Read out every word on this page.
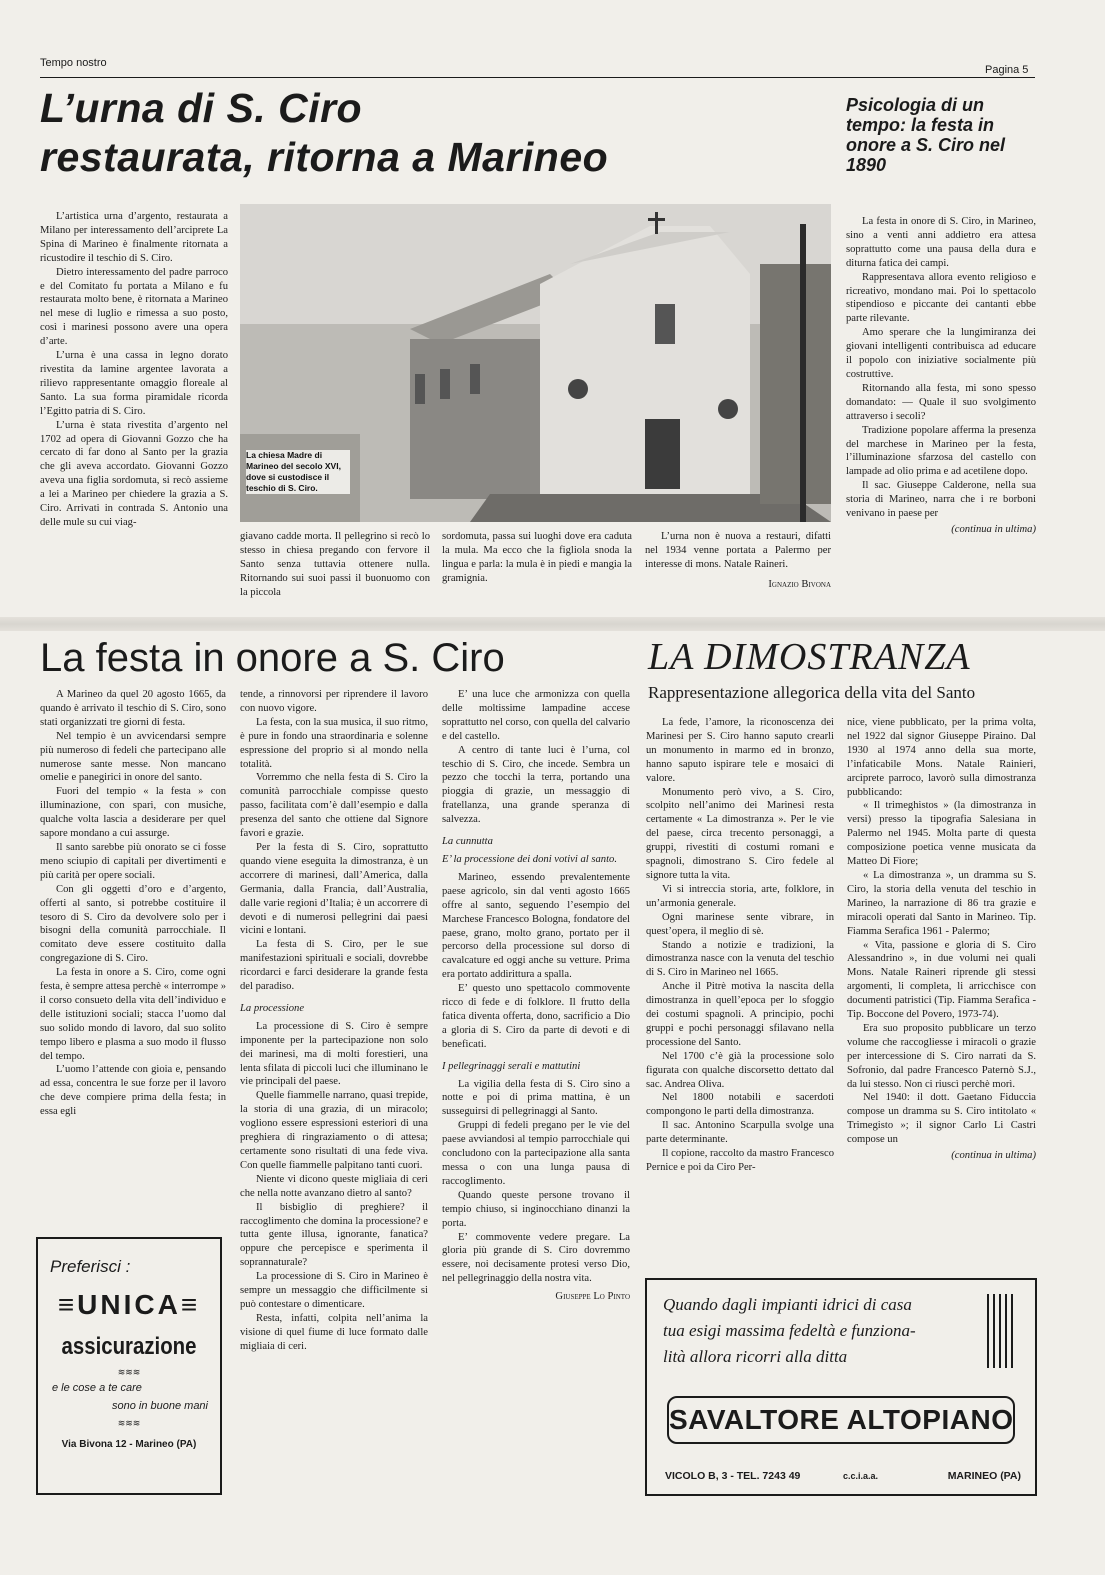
Tempo nostro
Pagina 5
L’urna di S. Ciro
restaurata, ritorna a Marineo

L’artistica urna d’argento, restaurata a Milano per interessamento dell’arciprete La Spina di Marineo è finalmente ritornata a ricustodire il teschio di S. Ciro.

Dietro interessamento del padre parroco e del Comitato fu portata a Milano e fu restaurata molto bene, è ritornata a Marineo nel mese di luglio e rimessa a suo posto, così i marinesi possono avere una opera d’arte.

L’urna è una cassa in legno dorato rivestita da lamine argentee lavorata a rilievo rappresentante omaggio floreale al Santo. La sua forma piramidale ricorda l’Egitto patria di S. Ciro.

L’urna è stata rivestita d’argento nel 1702 ad opera di Giovanni Gozzo che ha cercato di far dono al Santo per la grazia che gli aveva accordato. Giovanni Gozzo aveva una figlia sordomuta, si recò assieme a lei a Marineo per chiedere la grazia a S. Ciro. Arrivati in contrada S. Antonio una delle mule su cui viag-

La chiesa Madre di Marineo del secolo XVI, dove si custodisce il teschio di S. Ciro.

giavano cadde morta. Il pellegrino si recò lo stesso in chiesa pregando con fervore il Santo senza tuttavia ottenere nulla. Ritornando sui suoi passi il buonuomo con la piccola

sordomuta, passa sui luoghi dove era caduta la mula. Ma ecco che la figliola snoda la lingua e parla: la mula è in piedi e mangia la gramignia.

L’urna non è nuova a restauri, difatti nel 1934 venne portata a Palermo per interesse di mons. Natale Raineri.

Ignazio Bivona
Psicologia di un tempo: la festa in onore a S. Ciro nel 1890

La festa in onore di S. Ciro, in Marineo, sino a venti anni addietro era attesa soprattutto come una pausa della dura e diturna fatica dei campi.

Rappresentava allora evento religioso e ricreativo, mondano mai. Poi lo spettacolo stipendioso e piccante dei cantanti ebbe parte rilevante.

Amo sperare che la lungimiranza dei giovani intelligenti contribuisca ad educare il popolo con iniziative socialmente più costruttive.

Ritornando alla festa, mi sono spesso domandato: — Quale il suo svolgimento attraverso i secoli?

Tradizione popolare afferma la presenza del marchese in Marineo per la festa, l’illuminazione sfarzosa del castello con lampade ad olio prima e ad acetilene dopo.

Il sac. Giuseppe Calderone, nella sua storia di Marineo, narra che i re borboni venivano in paese per

(continua in ultima)
La festa in onore a S. Ciro

A Marineo da quel 20 agosto 1665, da quando è arrivato il teschio di S. Ciro, sono stati organizzati tre giorni di festa.

Nel tempio è un avvicendarsi sempre più numeroso di fedeli che partecipano alle numerose sante messe. Non mancano omelie e panegirici in onore del santo.

Fuori del tempio « la festa » con illuminazione, con spari, con musiche, qualche volta lascia a desiderare per quel sapore mondano a cui assurge.

Il santo sarebbe più onorato se ci fosse meno sciupio di capitali per divertimenti e più carità per opere sociali.

Con gli oggetti d’oro e d’argento, offerti al santo, si potrebbe costituire il tesoro di S. Ciro da devolvere solo per i bisogni della comunità parrocchiale. Il comitato deve essere costituito dalla congregazione di S. Ciro.

La festa in onore a S. Ciro, come ogni festa, è sempre attesa perchè « interrompe » il corso consueto della vita dell’individuo e delle istituzioni sociali; stacca l’uomo dal suo solido mondo di lavoro, dal suo solito tempo libero e plasma a suo modo il flusso del tempo.

L’uomo l’attende con gioia e, pensando ad essa, concentra le sue forze per il lavoro che deve compiere prima della festa; in essa egli

Preferisci :
≡UNICA≡
assicurazione
≋≋≋
e le cose a te care
sono in buone mani
≋≋≋
Via Bivona 12 - Marineo (PA)

tende, a rinnovorsi per riprendere il lavoro con nuovo vigore.

La festa, con la sua musica, il suo ritmo, è pure in fondo una straordinaria e solenne espressione del proprio sì al mondo nella totalità.

Vorremmo che nella festa di S. Ciro la comunità parrocchiale compisse questo passo, facilitata com’è dall’esempio e dalla presenza del santo che ottiene dal Signore favori e grazie.

Per la festa di S. Ciro, soprattutto quando viene eseguita la dimostranza, è un accorrere di marinesi, dall’America, dalla Germania, dalla Francia, dall’Australia, dalle varie regioni d’Italia; è un accorrere di devoti e di numerosi pellegrini dai paesi vicini e lontani.

La festa di S. Ciro, per le sue manifestazioni spirituali e sociali, dovrebbe ricordarci e farci desiderare la grande festa del paradiso.

La processione

La processione di S. Ciro è sempre imponente per la partecipazione non solo dei marinesi, ma di molti forestieri, una lenta sfilata di piccoli luci che illuminano le vie principali del paese.

Quelle fiammelle narrano, quasi trepide, la storia di una grazia, di un miracolo; vogliono essere espressioni esteriori di una preghiera di ringraziamento o di attesa; certamente sono risultati di una fede viva. Con quelle fiammelle palpitano tanti cuori.

Niente vi dicono queste migliaia di ceri che nella notte avanzano dietro al santo?

Il bisbiglio di preghiere? il raccoglimento che domina la processione? e tutta gente illusa, ignorante, fanatica? oppure che percepisce e sperimenta il soprannaturale?

La processione di S. Ciro in Marineo è sempre un messaggio che difficilmente si può contestare o dimenticare.

Resta, infatti, colpita nell’anima la visione di quel fiume di luce formato dalle migliaia di ceri.

E’ una luce che armonizza con quella delle moltissime lampadine accese soprattutto nel corso, con quella del calvario e del castello.

A centro di tante luci è l’urna, col teschio di S. Ciro, che incede. Sembra un pezzo che tocchi la terra, portando una pioggia di grazie, un messaggio di fratellanza, una grande speranza di salvezza.

La cunnutta

E’ la processione dei doni votivi al santo.

Marineo, essendo prevalentemente paese agricolo, sin dal venti agosto 1665 offre al santo, seguendo l’esempio del Marchese Francesco Bologna, fondatore del paese, grano, molto grano, portato per il percorso della processione sul dorso di cavalcature ed oggi anche su vetture. Prima era portato addirittura a spalla.

E’ questo uno spettacolo commovente ricco di fede e di folklore. Il frutto della fatica diventa offerta, dono, sacrificio a Dio a gloria di S. Ciro da parte di devoti e di beneficati.

I pellegrinaggi serali e mattutini

La vigilia della festa di S. Ciro sino a notte e poi di prima mattina, è un susseguirsi di pellegrinaggi al Santo.

Gruppi di fedeli pregano per le vie del paese avviandosi al tempio parrocchiale qui concludono con la partecipazione alla santa messa o con una lunga pausa di raccoglimento.

Quando queste persone trovano il tempio chiuso, si inginocchiano dinanzi la porta.

E’ commovente vedere pregare. La gloria più grande di S. Ciro dovremmo essere, noi decisamente protesi verso Dio, nel pellegrinaggio della nostra vita.

Giuseppe Lo Pinto
LA DIMOSTRANZA
Rappresentazione allegorica della vita del Santo

La fede, l’amore, la riconoscenza dei Marinesi per S. Ciro hanno saputo crearli un monumento in marmo ed in bronzo, hanno saputo ispirare tele e mosaici di valore.

Monumento però vivo, a S. Ciro, scolpito nell’animo dei Marinesi resta certamente « La dimostranza ». Per le vie del paese, circa trecento personaggi, a gruppi, rivestiti di costumi romani e spagnoli, dimostrano S. Ciro fedele al signore tutta la vita.

Vi si intreccia storia, arte, folklore, in un’armonia generale.

Ogni marinese sente vibrare, in quest’opera, il meglio di sè.

Stando a notizie e tradizioni, la dimostranza nasce con la venuta del teschio di S. Ciro in Marineo nel 1665.

Anche il Pitrè motiva la nascita della dimostranza in quell’epoca per lo sfoggio dei costumi spagnoli. A principio, pochi gruppi e pochi personaggi sfilavano nella processione del Santo.

Nel 1700 c’è già la processione solo figurata con qualche discorsetto dettato dal sac. Andrea Oliva.

Nel 1800 notabili e sacerdoti compongono le parti della dimostranza.

Il sac. Antonino Scarpulla svolge una parte determinante.

Il copione, raccolto da mastro Francesco Pernice e poi da Ciro Per-

nice, viene pubblicato, per la prima volta, nel 1922 dal signor Giuseppe Piraino. Dal 1930 al 1974 anno della sua morte, l’infaticabile Mons. Natale Rainieri, arciprete parroco, lavorò sulla dimostranza pubblicando:

« Il trimeghistos » (la dimostranza in versi) presso la tipografia Salesiana in Palermo nel 1945. Molta parte di questa composizione poetica venne musicata da Matteo Di Fiore;

« La dimostranza », un dramma su S. Ciro, la storia della venuta del teschio in Marineo, la narrazione di 86 tra grazie e miracoli operati dal Santo in Marineo. Tip. Fiamma Serafica 1961 - Palermo;

« Vita, passione e gloria di S. Ciro Alessandrino », in due volumi nei quali Mons. Natale Raineri riprende gli stessi argomenti, li completa, li arricchisce con documenti patristici (Tip. Fiamma Serafica - Tip. Boccone del Povero, 1973-74).

Era suo proposito pubblicare un terzo volume che raccogliesse i miracoli o grazie per intercessione di S. Ciro narrati da S. Sofronio, dal padre Francesco Paternò S.J., da lui stesso. Non ci riuscì perchè morì.

Nel 1940: il dott. Gaetano Fiduccia compose un dramma su S. Ciro intitolato « Trimegisto »; il signor Carlo Li Castri compose un

(continua in ultima)
Quando dagli impianti idrici di casa
tua esigi massima fedeltà e funziona-
lità allora ricorri alla ditta
SAVALTORE ALTOPIANO
VICOLO B, 3 - TEL. 7243 49	c.c.i.a.a.	MARINEO (PA)
